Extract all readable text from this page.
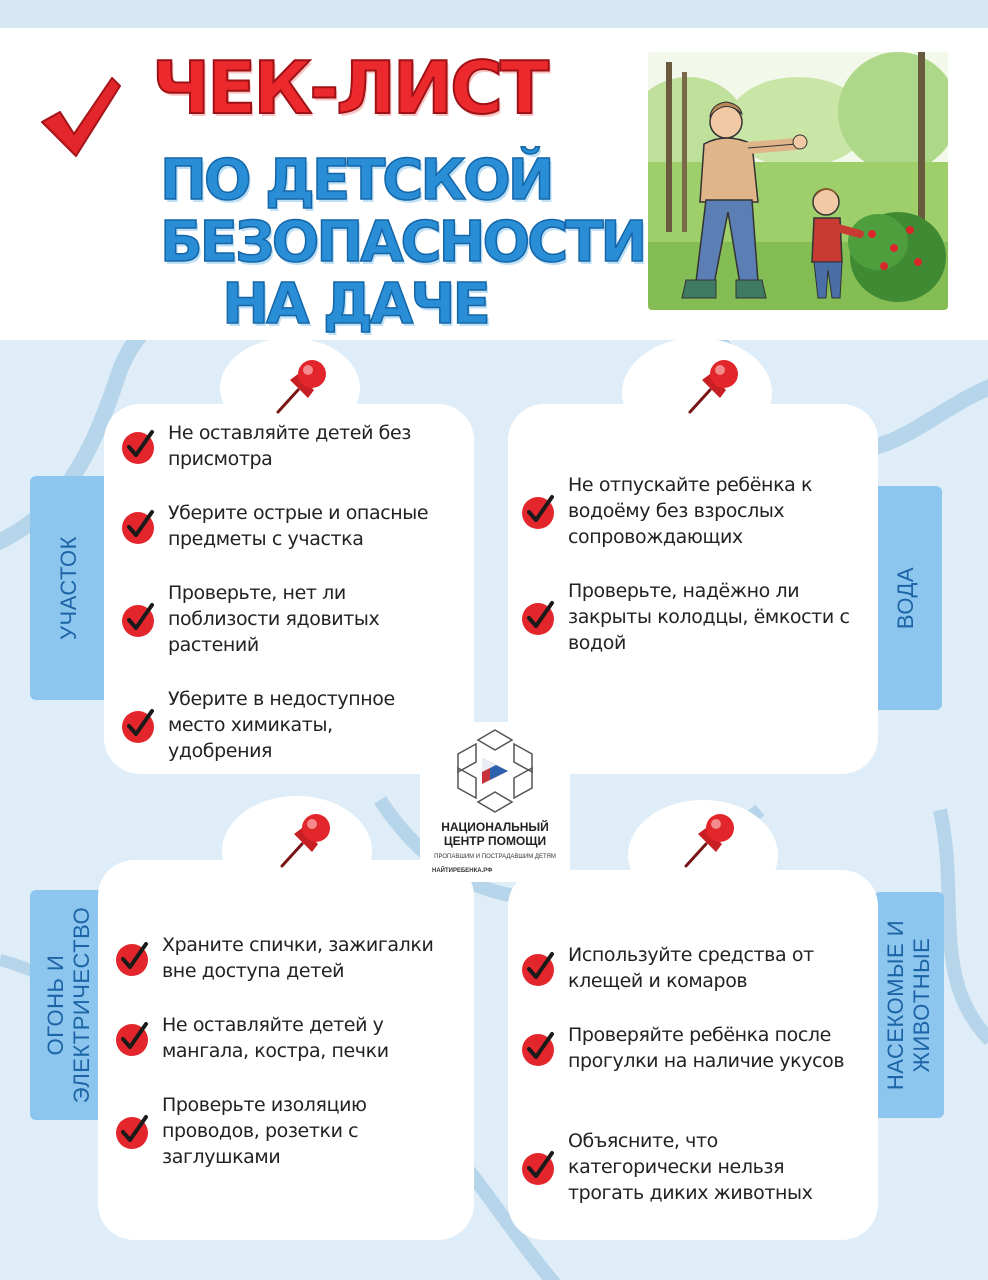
ЧЕК-ЛИСТ
ПО ДЕТСКОЙ
БЕЗОПАСНОСТИ
НА ДАЧЕ
УЧАСТОК	ВОДА
ОГОНЬ И
ЭЛЕКТРИЧЕСТВО	НАСЕКОМЫЕ И
ЖИВОТНЫЕ
Не оставляйте детей без присмотра
Уберите острые и опасные предметы с участка
Проверьте, нет ли поблизости ядовитых растений
Уберите в недоступное место химикаты, удобрения
Не отпускайте ребёнка к водоёму без взрослых сопровождающих
Проверьте, надёжно ли закрыты колодцы, ёмкости с водой
Храните спички, зажигалки вне доступа детей
Не оставляйте детей у мангала, костра, печки
Проверьте изоляцию проводов, розетки с заглушками
Используйте средства от клещей и комаров
Проверяйте ребёнка после прогулки на наличие укусов
Объясните, что категорически нельзя трогать диких животных
НАЦИОНАЛЬНЫЙ
ЦЕНТР ПОМОЩИ
ПРОПАВШИМ И ПОСТРАДАВШИМ ДЕТЯМ
НАЙТИРЕБЕНКА.РФ
